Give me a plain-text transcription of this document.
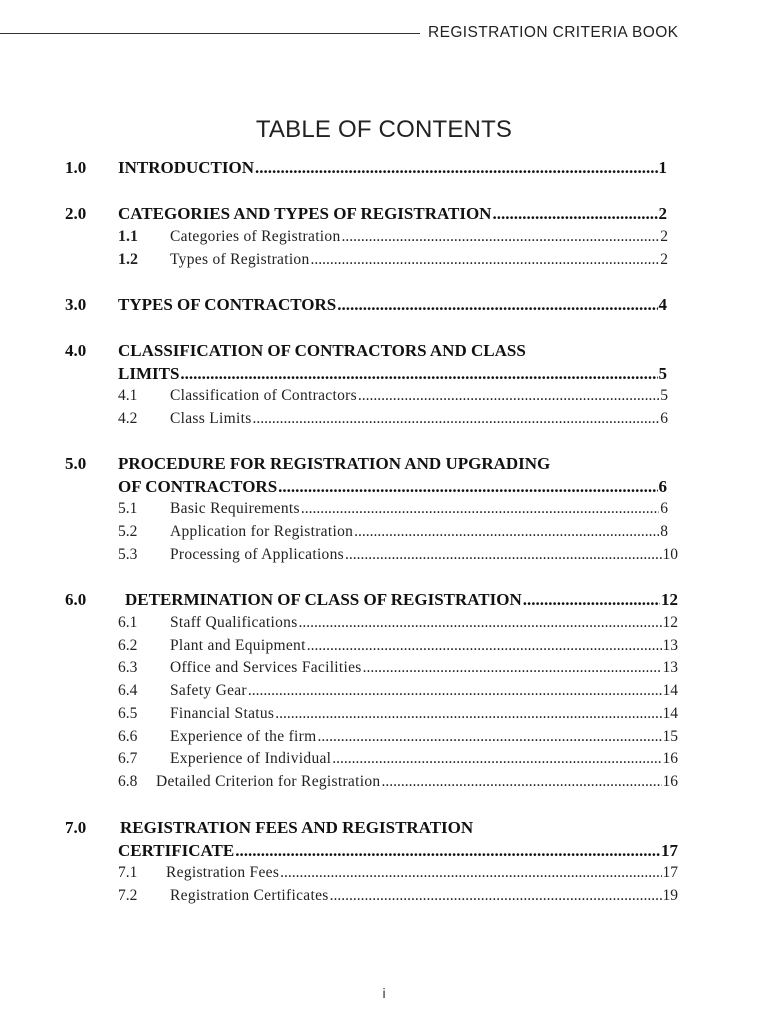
REGISTRATION CRITERIA BOOK
TABLE OF CONTENTS
1.0 INTRODUCTION .....	1
2.0 CATEGORIES AND TYPES OF REGISTRATION .....	2
1.1 Categories of Registration .....	2
1.2 Types of Registration .....	2
3.0 TYPES OF CONTRACTORS .....	4
4.0 CLASSIFICATION OF CONTRACTORS AND CLASS
LIMITS .....	5
4.1 Classification of Contractors .....	5
4.2 Class Limits .....	6
5.0 PROCEDURE FOR REGISTRATION AND UPGRADING
OF CONTRACTORS .....	6
5.1 Basic Requirements .....	6
5.2 Application for Registration .....	8
5.3 Processing of Applications .....	10
6.0 DETERMINATION OF CLASS OF REGISTRATION .....	12
6.1 Staff Qualifications .....	12
6.2 Plant and Equipment .....	13
6.3 Office and Services Facilities .....	13
6.4 Safety Gear .....	14
6.5 Financial Status .....	14
6.6 Experience of the firm .....	15
6.7 Experience of Individual .....	16
6.8 Detailed Criterion for Registration .....	16
7.0 REGISTRATION FEES AND REGISTRATION
CERTIFICATE .....	17
7.1 Registration Fees .....	17
7.2 Registration Certificates .....	19
i
